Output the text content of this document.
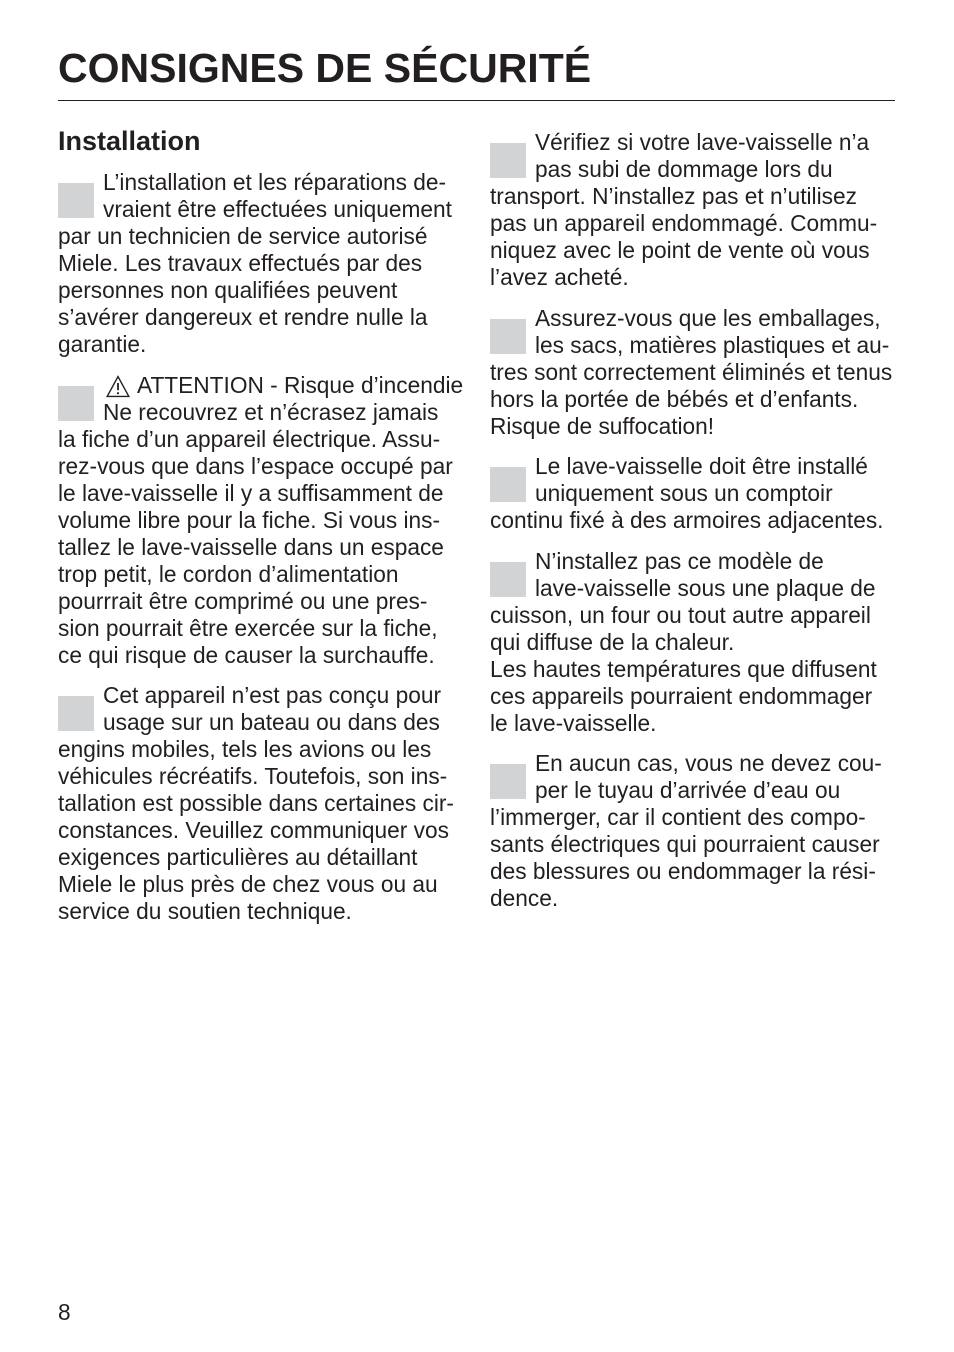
CONSIGNES DE SÉCURITÉ
Installation
L’installation et les réparations de-
vraient être effectuées uniquement
par un technicien de service autorisé
Miele. Les travaux effectués par des
personnes non qualifiées peuvent
s’avérer dangereux et rendre nulle la
garantie.
ATTENTION - Risque d’incendie
Ne recouvrez et n’écrasez jamais
la fiche d’un appareil électrique. Assu-
rez-vous que dans l’espace occupé par
le lave-vaisselle il y a suffisamment de
volume libre pour la fiche. Si vous ins-
tallez le lave-vaisselle dans un espace
trop petit, le cordon d’alimentation
pourrrait être comprimé ou une pres-
sion pourrait être exercée sur la fiche,
ce qui risque de causer la surchauffe.
Cet appareil n’est pas conçu pour
usage sur un bateau ou dans des
engins mobiles, tels les avions ou les
véhicules récréatifs. Toutefois, son ins-
tallation est possible dans certaines cir-
constances. Veuillez communiquer vos
exigences particulières au détaillant
Miele le plus près de chez vous ou au
service du soutien technique.
Vérifiez si votre lave-vaisselle n’a
pas subi de dommage lors du
transport. N’installez pas et n’utilisez
pas un appareil endommagé. Commu-
niquez avec le point de vente où vous
l’avez acheté.
Assurez-vous que les emballages,
les sacs, matières plastiques et au-
tres sont correctement éliminés et tenus
hors la portée de bébés et d’enfants.
Risque de suffocation!
Le lave-vaisselle doit être installé
uniquement sous un comptoir
continu fixé à des armoires adjacentes.
N’installez pas ce modèle de
lave-vaisselle sous une plaque de
cuisson, un four ou tout autre appareil
qui diffuse de la chaleur.
Les hautes températures que diffusent
ces appareils pourraient endommager
le lave-vaisselle.
En aucun cas, vous ne devez cou-
per le tuyau d’arrivée d’eau ou
l’immerger, car il contient des compo-
sants électriques qui pourraient causer
des blessures ou endommager la rési-
dence.
8
